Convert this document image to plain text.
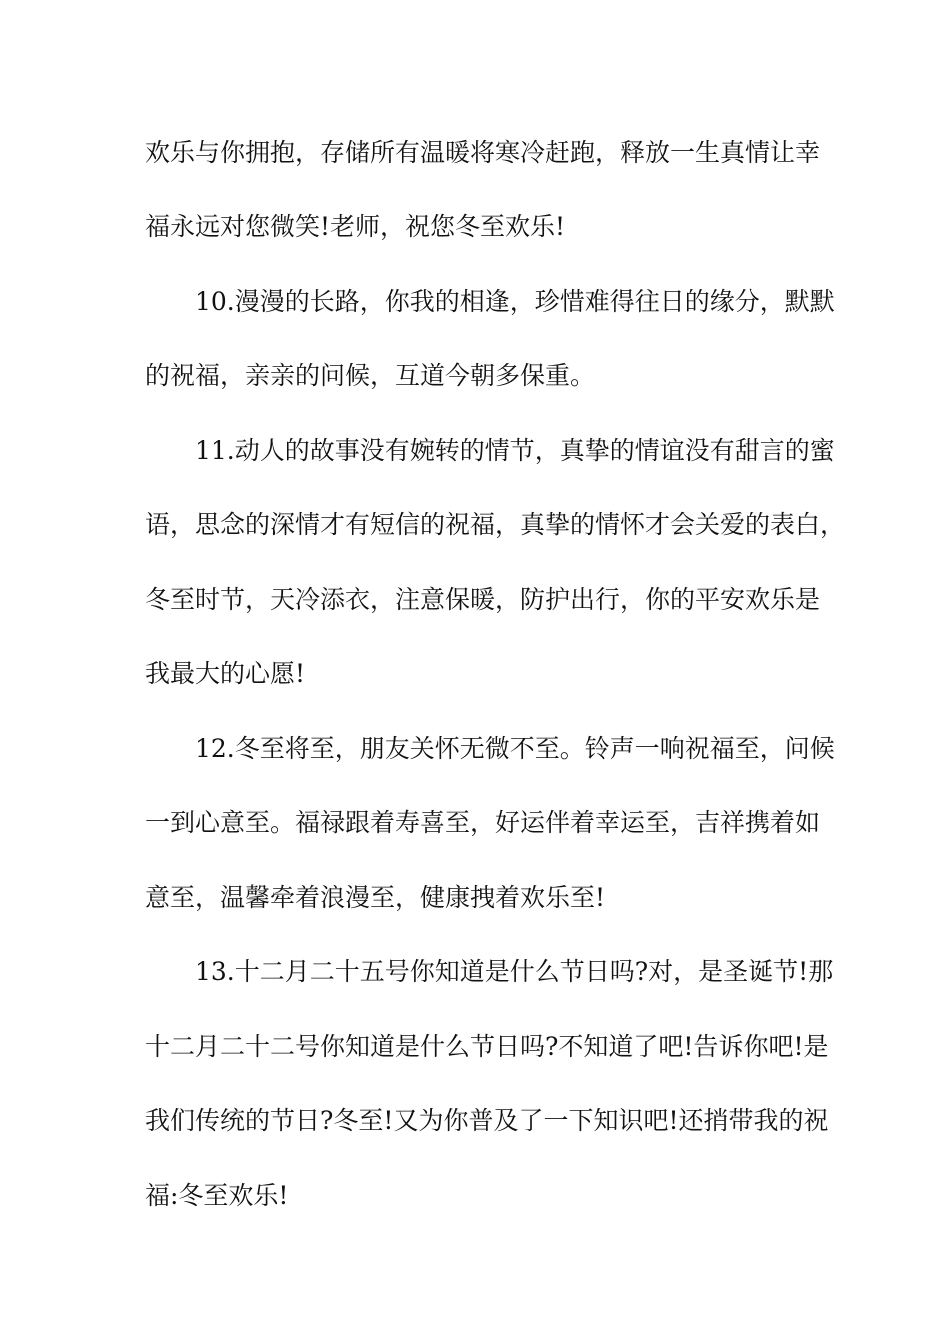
欢乐与你拥抱，存储所有温暖将寒冷赶跑，释放一生真情让幸
福永远对您微笑!老师，祝您冬至欢乐!
10.漫漫的长路，你我的相逢，珍惜难得往日的缘分，默默
的祝福，亲亲的问候，互道今朝多保重。
11.动人的故事没有婉转的情节，真挚的情谊没有甜言的蜜
语，思念的深情才有短信的祝福，真挚的情怀才会关爱的表白，
冬至时节，天冷添衣，注意保暖，防护出行，你的平安欢乐是
我最大的心愿!
12.冬至将至，朋友关怀无微不至。铃声一响祝福至，问候
一到心意至。福禄跟着寿喜至，好运伴着幸运至，吉祥携着如
意至，温馨牵着浪漫至，健康拽着欢乐至!
13.十二月二十五号你知道是什么节日吗?对，是圣诞节!那
十二月二十二号你知道是什么节日吗?不知道了吧!告诉你吧!是
我们传统的节日?冬至!又为你普及了一下知识吧!还捎带我的祝
福:冬至欢乐!
